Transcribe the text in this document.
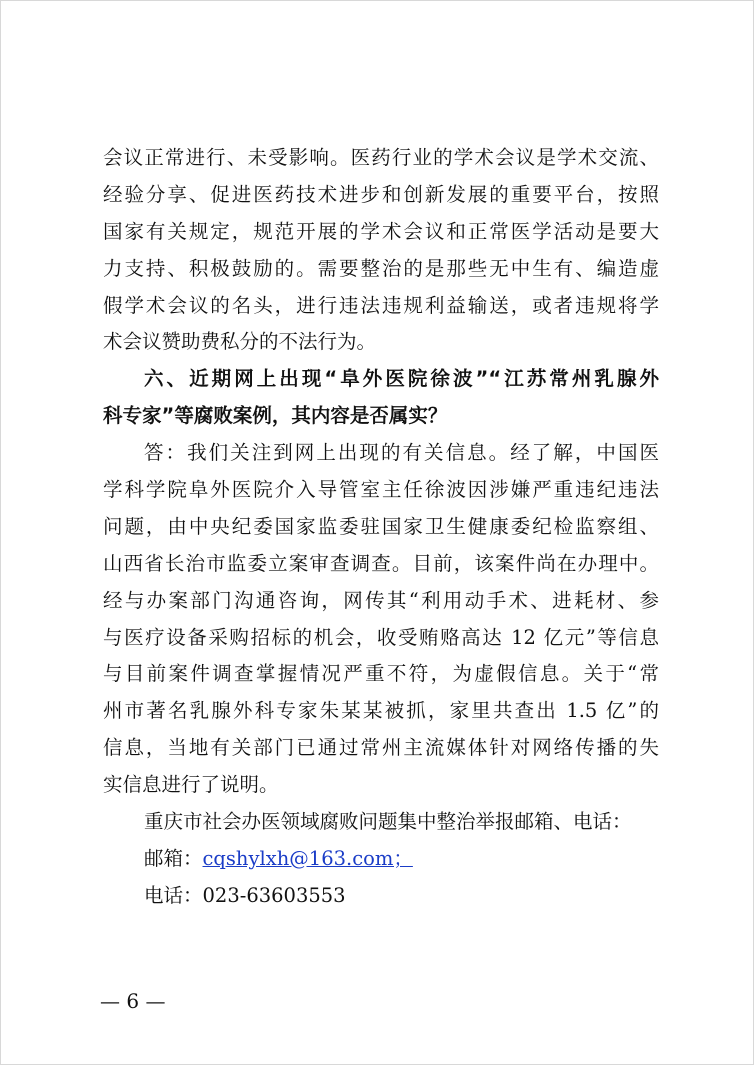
会议正常进行、未受影响。医药行业的学术会议是学术交流、
经验分享、促进医药技术进步和创新发展的重要平台，按照
国家有关规定，规范开展的学术会议和正常医学活动是要大
力支持、积极鼓励的。需要整治的是那些无中生有、编造虚
假学术会议的名头，进行违法违规利益输送，或者违规将学
术会议赞助费私分的不法行为。
六、近期网上出现“阜外医院徐波”“江苏常州乳腺外
科专家”等腐败案例，其内容是否属实？
答：我们关注到网上出现的有关信息。经了解，中国医
学科学院阜外医院介入导管室主任徐波因涉嫌严重违纪违法
问题，由中央纪委国家监委驻国家卫生健康委纪检监察组、
山西省长治市监委立案审查调查。目前，该案件尚在办理中。
经与办案部门沟通咨询，网传其“利用动手术、进耗材、参
与医疗设备采购招标的机会，收受贿赂高达 12 亿元”等信息
与目前案件调查掌握情况严重不符，为虚假信息。关于“常
州市著名乳腺外科专家朱某某被抓，家里共查出 1.5 亿”的
信息，当地有关部门已通过常州主流媒体针对网络传播的失
实信息进行了说明。
重庆市社会办医领域腐败问题集中整治举报邮箱、电话：
邮箱：cqshylxh@163.com；
电话：023-63603553
— 6 —
